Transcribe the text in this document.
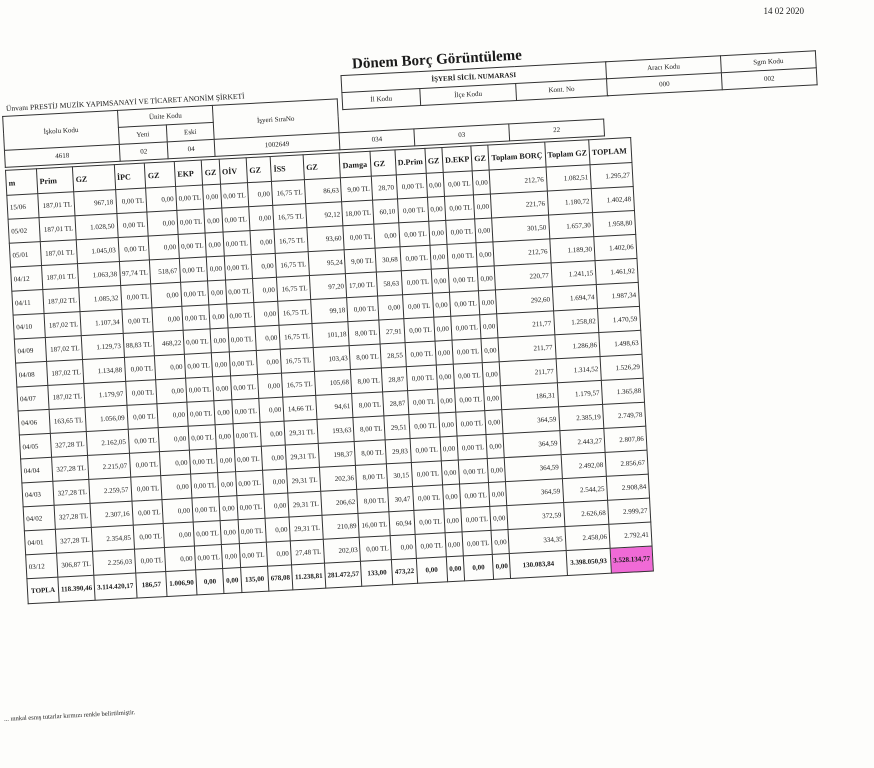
14 02 2020
Dönem Borç Görüntüleme
Ünvanı PRESTİJ MUZİK YAPIMSANAYİ VE TİCARET ANONİM ŞİRKETİ
İŞYERİ SİCİL NUMARASI			Aracı Kodu	Sgm Kodu
İl Kodu	İlçe Kodu	Kont. No	000	002
İşkolu Kodu	Ünite Kodu		İşyeri SıraNo			
	Yeni	Eski				
4618	02	04	1002649	034	03	22
m	Prim	GZ	İPC	GZ	EKP	GZ	OİV	GZ	İSS	GZ	Damga	GZ	D.Prim	GZ	D.EKP	GZ	Toplam BORÇ	Toplam GZ	TOPLAM
15/06	187,01 TL	967,18	0,00 TL	0,00	0,00 TL	0,00	0,00 TL	0,00	16,75 TL	86,63	9,00 TL	28,70	0,00 TL	0,00	0,00 TL	0,00	212,76	1.082,51	1.295,27
05/02	187,01 TL	1.028,50	0,00 TL	0,00	0,00 TL	0,00	0,00 TL	0,00	16,75 TL	92,12	18,00 TL	60,10	0,00 TL	0,00	0,00 TL	0,00	221,76	1.180,72	1.402,48
05/01	187,01 TL	1.045,03	0,00 TL	0,00	0,00 TL	0,00	0,00 TL	0,00	16,75 TL	93,60	0,00 TL	0,00	0,00 TL	0,00	0,00 TL	0,00	301,50	1.657,30	1.958,80
04/12	187,01 TL	1.063,38	97,74 TL	518,67	0,00 TL	0,00	0,00 TL	0,00	16,75 TL	95,24	9,00 TL	30,68	0,00 TL	0,00	0,00 TL	0,00	212,76	1.189,30	1.402,06
04/11	187,02 TL	1.085,32	0,00 TL	0,00	0,00 TL	0,00	0,00 TL	0,00	16,75 TL	97,20	17,00 TL	58,63	0,00 TL	0,00	0,00 TL	0,00	220,77	1.241,15	1.461,92
04/10	187,02 TL	1.107,34	0,00 TL	0,00	0,00 TL	0,00	0,00 TL	0,00	16,75 TL	99,18	0,00 TL	0,00	0,00 TL	0,00	0,00 TL	0,00	292,60	1.694,74	1.987,34
04/09	187,02 TL	1.129,73	88,83 TL	468,22	0,00 TL	0,00	0,00 TL	0,00	16,75 TL	101,18	8,00 TL	27,91	0,00 TL	0,00	0,00 TL	0,00	211,77	1.258,82	1.470,59
04/08	187,02 TL	1.134,88	0,00 TL	0,00	0,00 TL	0,00	0,00 TL	0,00	16,75 TL	103,43	8,00 TL	28,55	0,00 TL	0,00	0,00 TL	0,00	211,77	1.286,86	1.498,63
04/07	187,02 TL	1.179,97	0,00 TL	0,00	0,00 TL	0,00	0,00 TL	0,00	16,75 TL	105,68	8,00 TL	28,87	0,00 TL	0,00	0,00 TL	0,00	211,77	1.314,52	1.526,29
04/06	163,65 TL	1.056,09	0,00 TL	0,00	0,00 TL	0,00	0,00 TL	0,00	14,66 TL	94,61	8,00 TL	28,87	0,00 TL	0,00	0,00 TL	0,00	186,31	1.179,57	1.365,88
04/05	327,28 TL	2.162,05	0,00 TL	0,00	0,00 TL	0,00	0,00 TL	0,00	29,31 TL	193,63	8,00 TL	29,51	0,00 TL	0,00	0,00 TL	0,00	364,59	2.385,19	2.749,78
04/04	327,28 TL	2.215,07	0,00 TL	0,00	0,00 TL	0,00	0,00 TL	0,00	29,31 TL	198,37	8,00 TL	29,83	0,00 TL	0,00	0,00 TL	0,00	364,59	2.443,27	2.807,86
04/03	327,28 TL	2.259,57	0,00 TL	0,00	0,00 TL	0,00	0,00 TL	0,00	29,31 TL	202,36	8,00 TL	30,15	0,00 TL	0,00	0,00 TL	0,00	364,59	2.492,08	2.856,67
04/02	327,28 TL	2.307,16	0,00 TL	0,00	0,00 TL	0,00	0,00 TL	0,00	29,31 TL	206,62	8,00 TL	30,47	0,00 TL	0,00	0,00 TL	0,00	364,59	2.544,25	2.908,84
04/01	327,28 TL	2.354,85	0,00 TL	0,00	0,00 TL	0,00	0,00 TL	0,00	29,31 TL	210,89	16,00 TL	60,94	0,00 TL	0,00	0,00 TL	0,00	372,59	2.626,68	2.999,27
03/12	306,87 TL	2.256,03	0,00 TL	0,00	0,00 TL	0,00	0,00 TL	0,00	27,48 TL	202,03	0,00 TL	0,00	0,00 TL	0,00	0,00 TL	0,00	334,35	2.458,06	2.792,41
TOPLA	118.390,46	3.114.420,17	186,57	1.006,90	0,00	0,00	135,00	678,08	11.238,81	281.472,57	133,00	473,22	0,00	0,00	0,00	0,00	130.083,84	3.398.050,93	3.528.134,77
... ınnkal esnış tutarlar kırmızı renkle belirtilmiştir.
